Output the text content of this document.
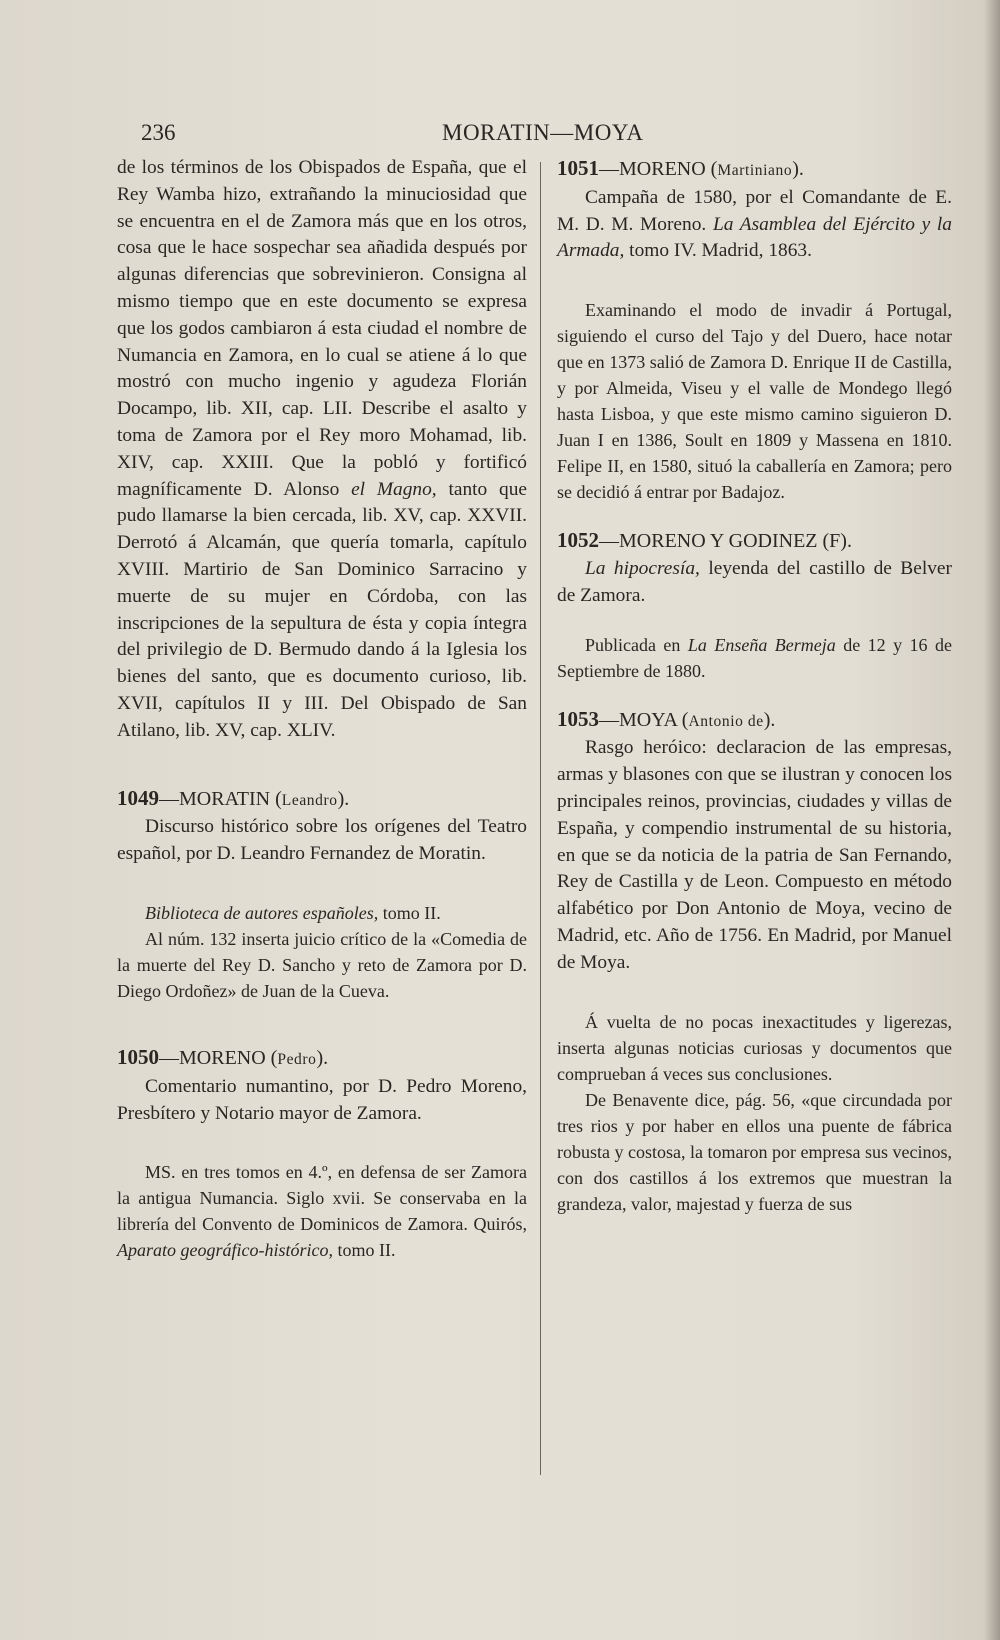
236	MORATIN—MOYA

de los términos de los Obispados de España, que el Rey Wamba hizo, extrañando la minuciosidad que se encuentra en el de Zamora más que en los otros, cosa que le hace sospechar sea añadida después por algunas diferencias que sobrevinieron. Consigna al mismo tiempo que en este documento se expresa que los godos cambiaron á esta ciudad el nombre de Numancia en Zamora, en lo cual se atiene á lo que mostró con mucho ingenio y agudeza Florián Docampo, lib. XII, cap. LII. Describe el asalto y toma de Zamora por el Rey moro Mohamad, lib. XIV, cap. XXIII. Que la pobló y fortificó magníficamente D. Alonso el Magno, tanto que pudo llamarse la bien cercada, lib. XV, cap. XXVII. Derrotó á Alcamán, que quería tomarla, capítulo XVIII. Martirio de San Dominico Sarracino y muerte de su mujer en Córdoba, con las inscripciones de la sepultura de ésta y copia íntegra del privilegio de D. Bermudo dando á la Iglesia los bienes del santo, que es documento curioso, lib. XVII, capítulos II y III. Del Obispado de San Atilano, lib. XV, cap. XLIV.

1049—MORATIN (Leandro).

Discurso histórico sobre los orígenes del Teatro español, por D. Leandro Fernandez de Moratin.

Biblioteca de autores españoles, tomo II.

Al núm. 132 inserta juicio crítico de la «Comedia de la muerte del Rey D. Sancho y reto de Zamora por D. Diego Ordoñez» de Juan de la Cueva.

1050—MORENO (Pedro).

Comentario numantino, por D. Pedro Moreno, Presbítero y Notario mayor de Zamora.

MS. en tres tomos en 4.º, en defensa de ser Zamora la antigua Numancia. Siglo xvii. Se conservaba en la librería del Convento de Dominicos de Zamora. Quirós, Aparato geográfico-histórico, tomo II.

1051—MORENO (Martiniano).

Campaña de 1580, por el Comandante de E. M. D. M. Moreno. La Asamblea del Ejército y la Armada, tomo IV. Madrid, 1863.

Examinando el modo de invadir á Portugal, siguiendo el curso del Tajo y del Duero, hace notar que en 1373 salió de Zamora D. Enrique II de Castilla, y por Almeida, Viseu y el valle de Mondego llegó hasta Lisboa, y que este mismo camino siguieron D. Juan I en 1386, Soult en 1809 y Massena en 1810. Felipe II, en 1580, situó la caballería en Zamora; pero se decidió á entrar por Badajoz.

1052—MORENO Y GODINEZ (F).

La hipocresía, leyenda del castillo de Belver de Zamora.

Publicada en La Enseña Bermeja de 12 y 16 de Septiembre de 1880.

1053—MOYA (Antonio de).

Rasgo heróico: declaracion de las empresas, armas y blasones con que se ilustran y conocen los principales reinos, provincias, ciudades y villas de España, y compendio instrumental de su historia, en que se da noticia de la patria de San Fernando, Rey de Castilla y de Leon. Compuesto en método alfabético por Don Antonio de Moya, vecino de Madrid, etc. Año de 1756. En Madrid, por Manuel de Moya.

Á vuelta de no pocas inexactitudes y ligerezas, inserta algunas noticias curiosas y documentos que comprueban á veces sus conclusiones.

De Benavente dice, pág. 56, «que circundada por tres rios y por haber en ellos una puente de fábrica robusta y costosa, la tomaron por empresa sus vecinos, con dos castillos á los extremos que muestran la grandeza, valor, majestad y fuerza de sus
